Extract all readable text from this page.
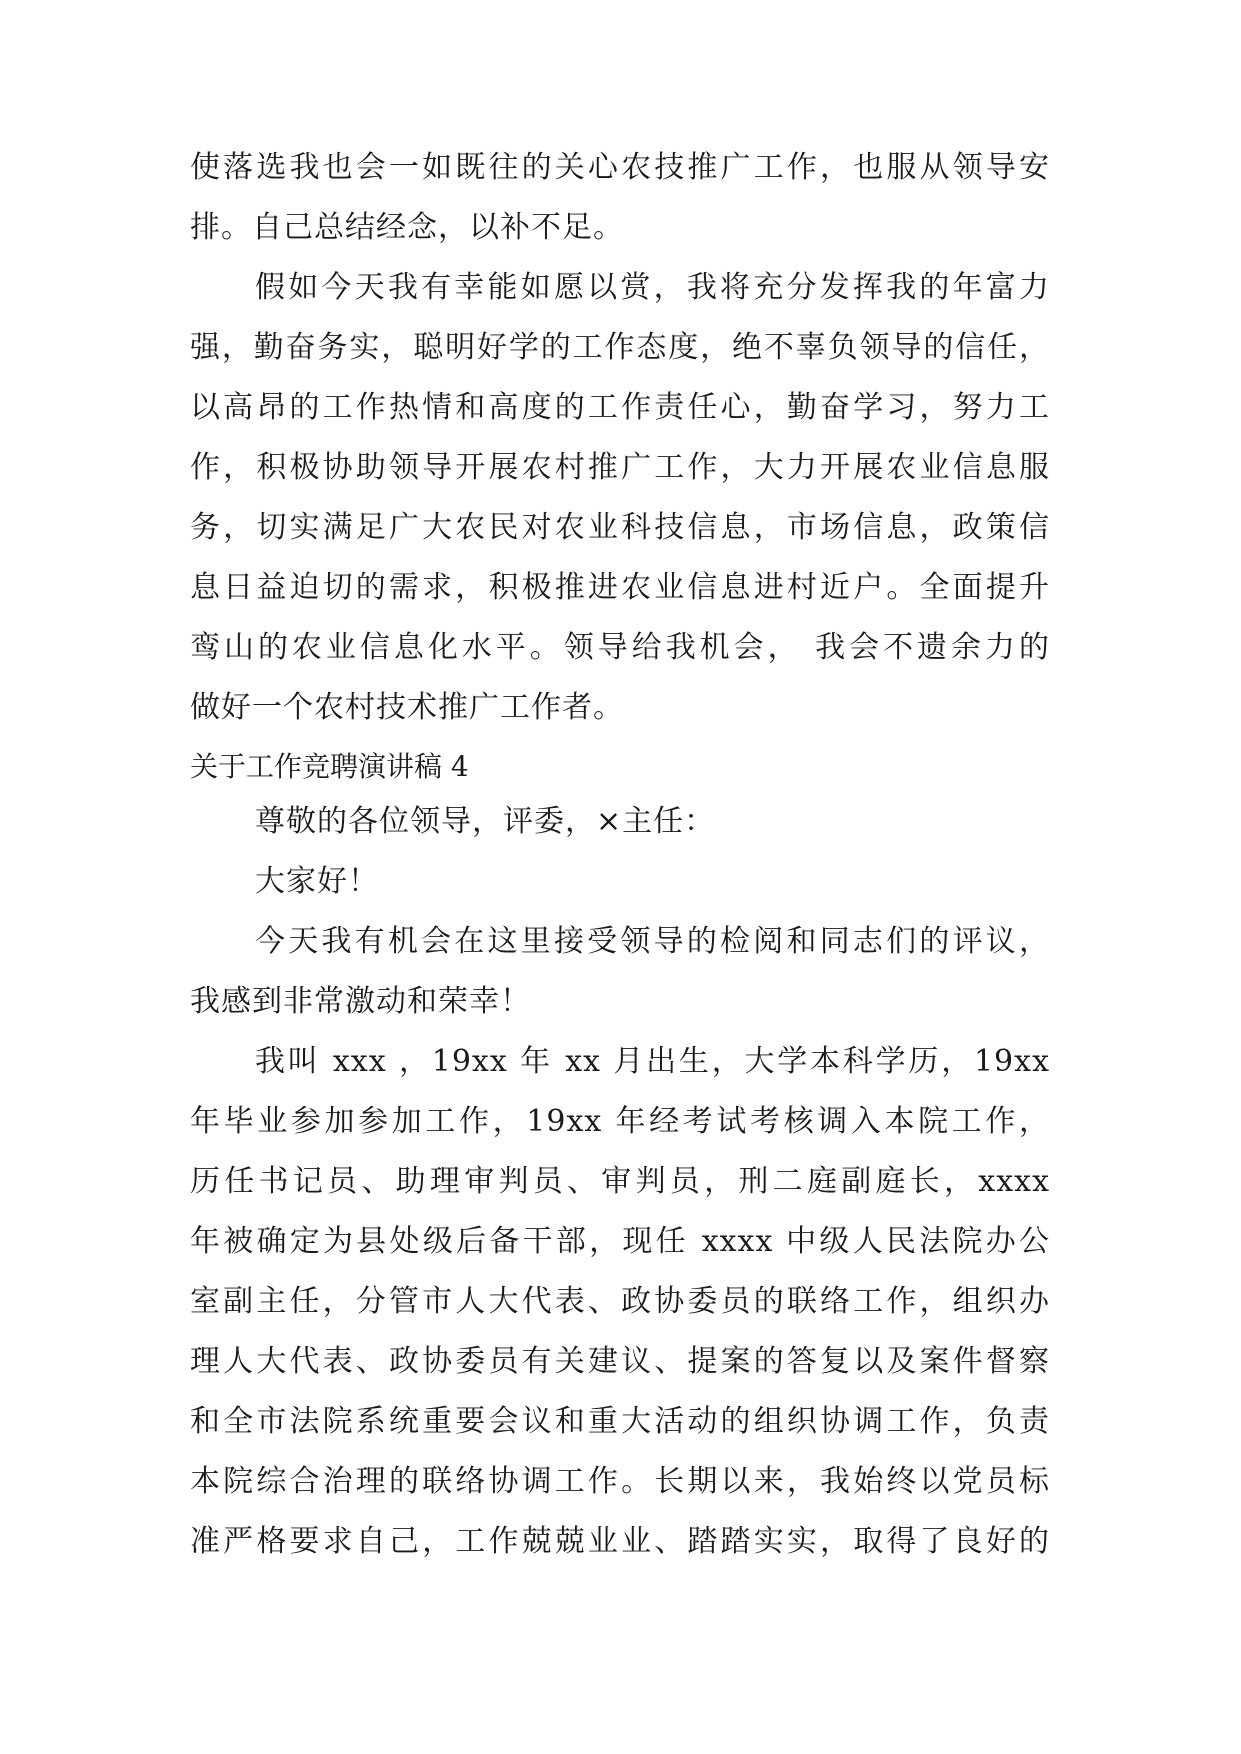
使落选我也会一如既往的关心农技推广工作，也服从领导安
排。自己总结经念，以补不足。
假如今天我有幸能如愿以赏，我将充分发挥我的年富力
强，勤奋务实，聪明好学的工作态度，绝不辜负领导的信任，
以高昂的工作热情和高度的工作责任心，勤奋学习，努力工
作，积极协助领导开展农村推广工作，大力开展农业信息服
务，切实满足广大农民对农业科技信息，市场信息，政策信
息日益迫切的需求，积极推进农业信息进村近户。全面提升
鸾山的农业信息化水平。领导给我机会， 我会不遗余力的
做好一个农村技术推广工作者。
关于工作竞聘演讲稿 4
尊敬的各位领导，评委，×主任：
大家好！
今天我有机会在这里接受领导的检阅和同志们的评议，
我感到非常激动和荣幸！
我叫 xxx ，19xx 年 xx 月出生，大学本科学历，19xx
年毕业参加参加工作，19xx 年经考试考核调入本院工作，
历任书记员、助理审判员、审判员，刑二庭副庭长，xxxx
年被确定为县处级后备干部，现任 xxxx 中级人民法院办公
室副主任，分管市人大代表、政协委员的联络工作，组织办
理人大代表、政协委员有关建议、提案的答复以及案件督察
和全市法院系统重要会议和重大活动的组织协调工作，负责
本院综合治理的联络协调工作。长期以来，我始终以党员标
准严格要求自己，工作兢兢业业、踏踏实实，取得了良好的
